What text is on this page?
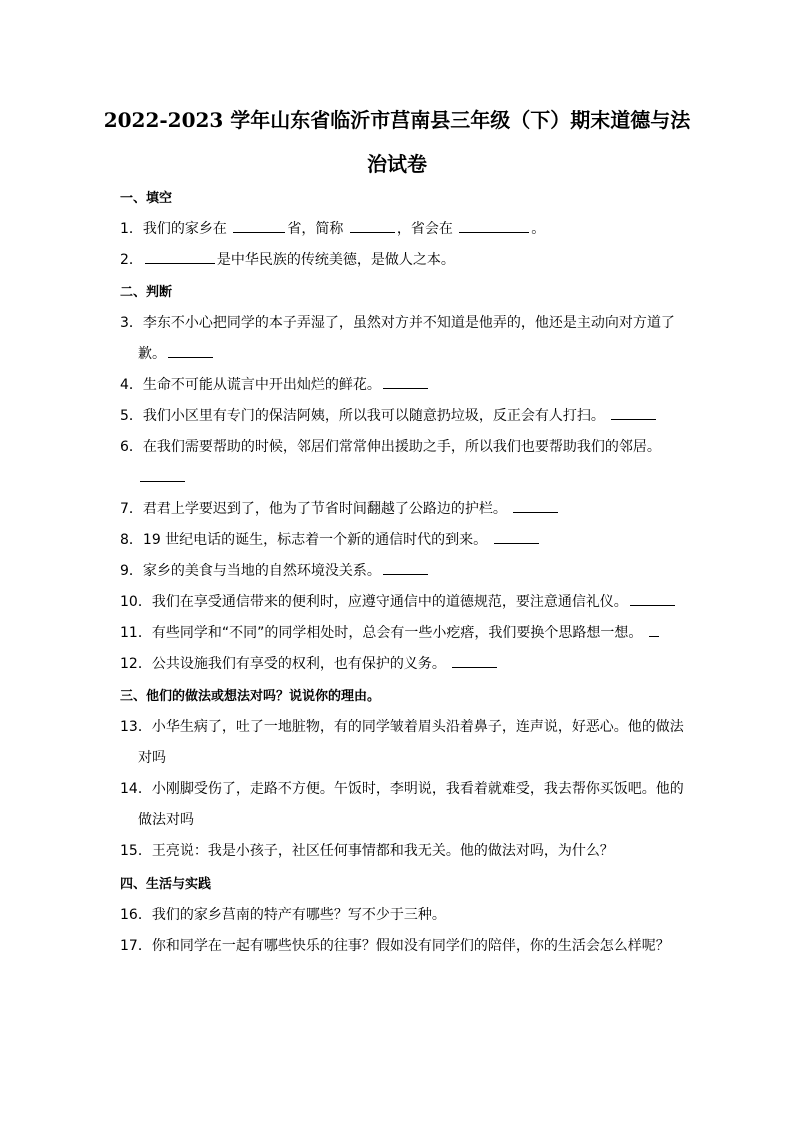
2022-2023 学年山东省临沂市莒南县三年级（下）期末道德与法
治试卷
一、填空
1．我们的家乡在	省，简称	，省会在	。
2．	是中华民族的传统美德，是做人之本。
二、判断
3．李东不小心把同学的本子弄湿了，虽然对方并不知道是他弄的，他还是主动向对方道了
歉。
4．生命不可能从谎言中开出灿烂的鲜花。
5．我们小区里有专门的保洁阿姨，所以我可以随意扔垃圾，反正会有人打扫。
6．在我们需要帮助的时候，邻居们常常伸出援助之手，所以我们也要帮助我们的邻居。
7．君君上学要迟到了，他为了节省时间翻越了公路边的护栏。
8．19 世纪电话的诞生，标志着一个新的通信时代的到来。
9．家乡的美食与当地的自然环境没关系。
10．我们在享受通信带来的便利时，应遵守通信中的道德规范，要注意通信礼仪。
11．有些同学和“不同”的同学相处时，总会有一些小疙瘩，我们要换个思路想一想。
12．公共设施我们有享受的权利，也有保护的义务。
三、他们的做法或想法对吗？说说你的理由。
13．小华生病了，吐了一地脏物，有的同学皱着眉头沿着鼻子，连声说，好恶心。他的做法
对吗
14．小刚脚受伤了，走路不方便。午饭时，李明说，我看着就难受，我去帮你买饭吧。他的
做法对吗
15．王亮说：我是小孩子，社区任何事情都和我无关。他的做法对吗，为什么？
四、生活与实践
16．我们的家乡莒南的特产有哪些？写不少于三种。
17．你和同学在一起有哪些快乐的往事？假如没有同学们的陪伴，你的生活会怎么样呢？
